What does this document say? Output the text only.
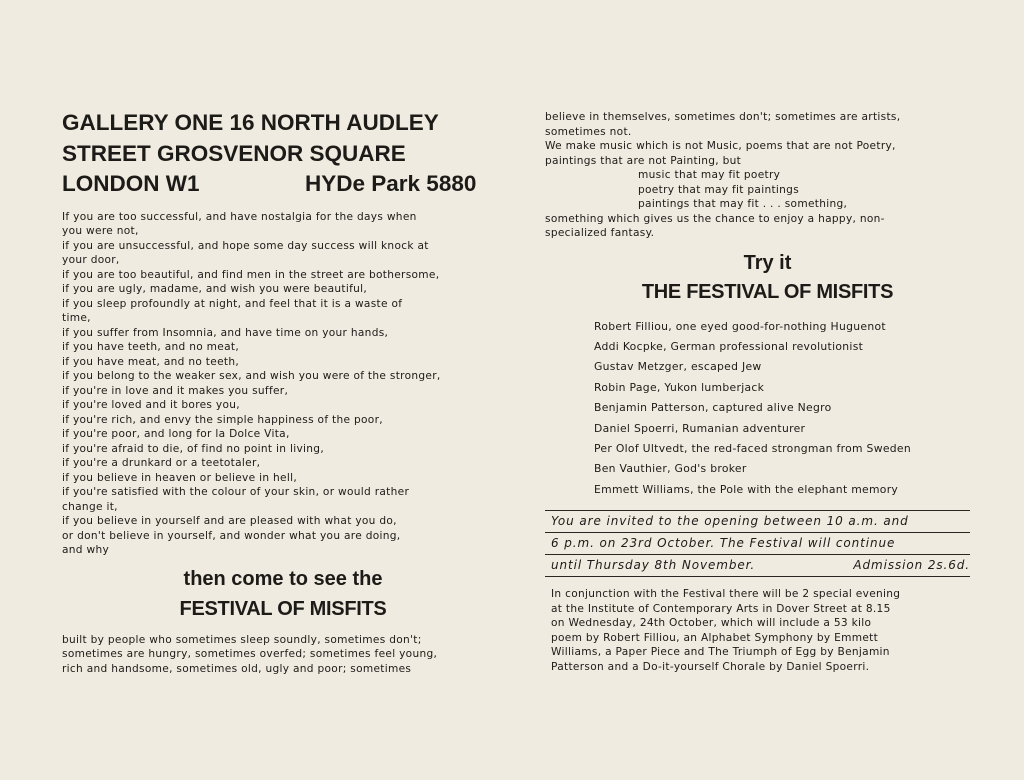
GALLERY ONE 16 NORTH AUDLEY
STREET GROSVENOR SQUARE
LONDON W1	HYDe Park 5880
If you are too successful, and have nostalgia for the days when
you were not,
if you are unsuccessful, and hope some day success will knock at
your door,
if you are too beautiful, and find men in the street are bothersome,
if you are ugly, madame, and wish you were beautiful,
if you sleep profoundly at night, and feel that it is a waste of
time,
if you suffer from Insomnia, and have time on your hands,
if you have teeth, and no meat,
if you have meat, and no teeth,
if you belong to the weaker sex, and wish you were of the stronger,
if you're in love and it makes you suffer,
if you're loved and it bores you,
if you're rich, and envy the simple happiness of the poor,
if you're poor, and long for la Dolce Vita,
if you're afraid to die, of find no point in living,
if you're a drunkard or a teetotaler,
if you believe in heaven or believe in hell,
if you're satisfied with the colour of your skin, or would rather
change it,
if you believe in yourself and are pleased with what you do,
or don't believe in yourself, and wonder what you are doing,
and why
then come to see the
FESTIVAL OF MISFITS
built by people who sometimes sleep soundly, sometimes don't;
sometimes are hungry, sometimes overfed; sometimes feel young,
rich and handsome, sometimes old, ugly and poor; sometimes
believe in themselves, sometimes don't; sometimes are artists,
sometimes not.
We make music which is not Music, poems that are not Poetry,
paintings that are not Painting, but
music that may fit poetry
poetry that may fit paintings
paintings that may fit . . . something,
something which gives us the chance to enjoy a happy, non-
specialized fantasy.
Try it
THE FESTIVAL OF MISFITS
Robert Filliou, one eyed good-for-nothing Huguenot
Addi Kocpke, German professional revolutionist
Gustav Metzger, escaped Jew
Robin Page, Yukon lumberjack
Benjamin Patterson, captured alive Negro
Daniel Spoerri, Rumanian adventurer
Per Olof Ultvedt, the red-faced strongman from Sweden
Ben Vauthier, God's broker
Emmett Williams, the Pole with the elephant memory
You are invited to the opening between 10 a.m. and
6 p.m. on 23rd October. The Festival will continue
until Thursday 8th November.	Admission 2s.6d.
In conjunction with the Festival there will be 2 special evening
at the Institute of Contemporary Arts in Dover Street at 8.15
on Wednesday, 24th October, which will include a 53 kilo
poem by Robert Filliou, an Alphabet Symphony by Emmett
Williams, a Paper Piece and The Triumph of Egg by Benjamin
Patterson and a Do-it-yourself Chorale by Daniel Spoerri.
